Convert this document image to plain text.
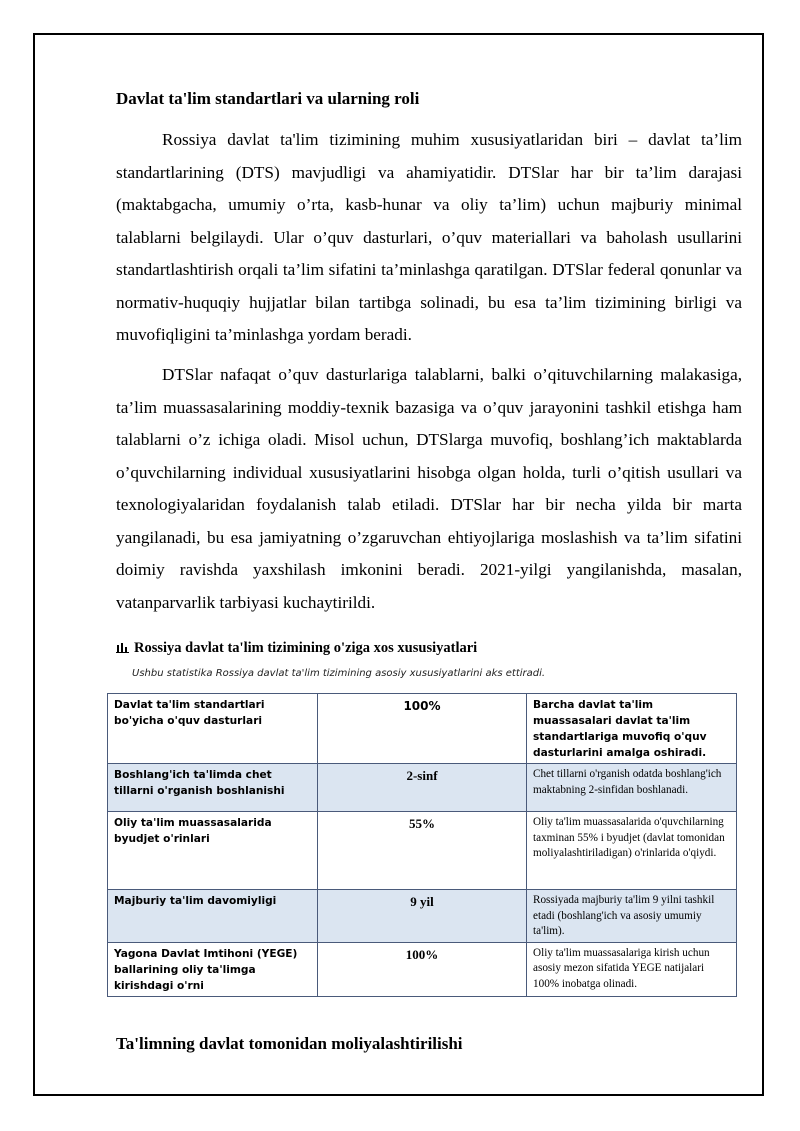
Davlat ta'lim standartlari va ularning roli

Rossiya davlat ta'lim tizimining muhim xususiyatlaridan biri – davlat ta’lim standartlarining (DTS) mavjudligi va ahamiyatidir. DTSlar har bir ta’lim darajasi (maktabgacha, umumiy o’rta, kasb-hunar va oliy ta’lim) uchun majburiy minimal talablarni belgilaydi. Ular o’quv dasturlari, o’quv materiallari va baholash usullarini standartlashtirish orqali ta’lim sifatini ta’minlashga qaratilgan. DTSlar federal qonunlar va normativ-huquqiy hujjatlar bilan tartibga solinadi, bu esa ta’lim tizimining birligi va muvofiqligini ta’minlashga yordam beradi.

DTSlar nafaqat o’quv dasturlariga talablarni, balki o’qituvchilarning malakasiga, ta’lim muassasalarining moddiy-texnik bazasiga va o’quv jarayonini tashkil etishga ham talablarni o’z ichiga oladi. Misol uchun, DTSlarga muvofiq, boshlang’ich maktablarda o’quvchilarning individual xususiyatlarini hisobga olgan holda, turli o’qitish usullari va texnologiyalaridan foydalanish talab etiladi. DTSlar har bir necha yilda bir marta yangilanadi, bu esa jamiyatning o’zgaruvchan ehtiyojlariga moslashish va ta’lim sifatini doimiy ravishda yaxshilash imkonini beradi. 2021-yilgi yangilanishda, masalan, vatanparvarlik tarbiyasi kuchaytirildi.

Rossiya davlat ta'lim tizimining o'ziga xos xususiyatlari
Ushbu statistika Rossiya davlat ta'lim tizimining asosiy xususiyatlarini aks ettiradi.
Ta'limning davlat tomonidan moliyalashtirilishi
Davlat ta'lim standartlari bo'yicha o'quv dasturlari	100%	Barcha davlat ta'lim muassasalari davlat ta'lim standartlariga muvofiq o'quv dasturlarini amalga oshiradi.
Boshlang'ich ta'limda chet tillarni o'rganish boshlanishi	2-sinf	Chet tillarni o'rganish odatda boshlang'ich maktabning 2-sinfidan boshlanadi.
Oliy ta'lim muassasalarida byudjet o'rinlari	55%	Oliy ta'lim muassasalarida o'quvchilarning taxminan 55% i byudjet (davlat tomonidan moliyalashtiriladigan) o'rinlarida o'qiydi.
Majburiy ta'lim davomiyligi	9 yil	Rossiyada majburiy ta'lim 9 yilni tashkil etadi (boshlang'ich va asosiy umumiy ta'lim).
Yagona Davlat Imtihoni (YEGE) ballarining oliy ta'limga kirishdagi o'rni	100%	Oliy ta'lim muassasalariga kirish uchun asosiy mezon sifatida YEGE natijalari 100% inobatga olinadi.
